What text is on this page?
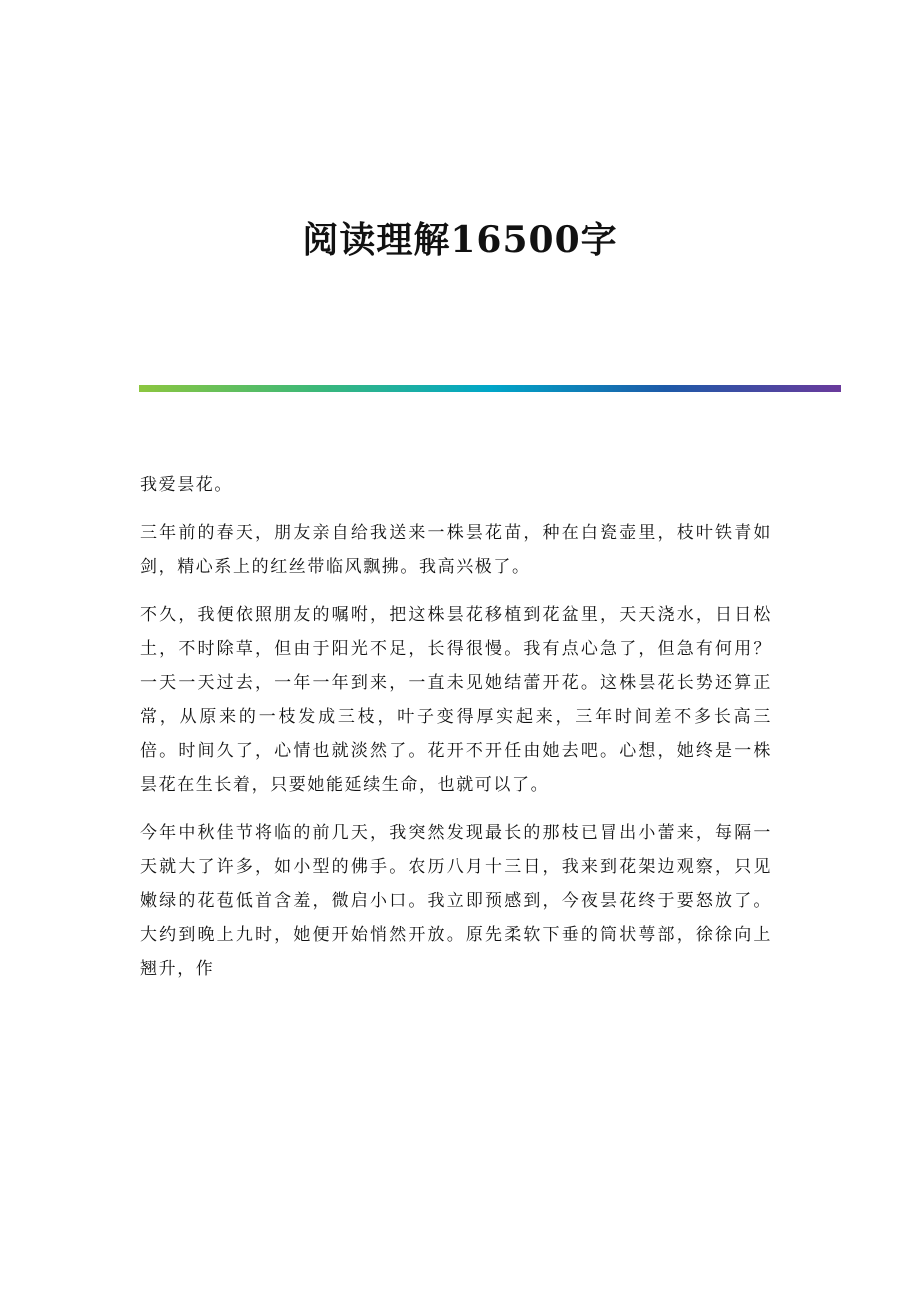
阅读理解16500字

我爱昙花。

三年前的春天，朋友亲自给我送来一株昙花苗，种在白瓷壶里，枝叶铁青如剑，精心系上的红丝带临风飘拂。我高兴极了。

不久，我便依照朋友的嘱咐，把这株昙花移植到花盆里，天天浇水，日日松土，不时除草，但由于阳光不足，长得很慢。我有点心急了，但急有何用？一天一天过去，一年一年到来，一直未见她结蕾开花。这株昙花长势还算正常，从原来的一枝发成三枝，叶子变得厚实起来，三年时间差不多长高三倍。时间久了，心情也就淡然了。花开不开任由她去吧。心想，她终是一株昙花在生长着，只要她能延续生命，也就可以了。

今年中秋佳节将临的前几天，我突然发现最长的那枝已冒出小蕾来，每隔一天就大了许多，如小型的佛手。农历八月十三日，我来到花架边观察，只见嫩绿的花苞低首含羞，微启小口。我立即预感到，今夜昙花终于要怒放了。大约到晚上九时，她便开始悄然开放。原先柔软下垂的筒状萼部，徐徐向上翘升，作
